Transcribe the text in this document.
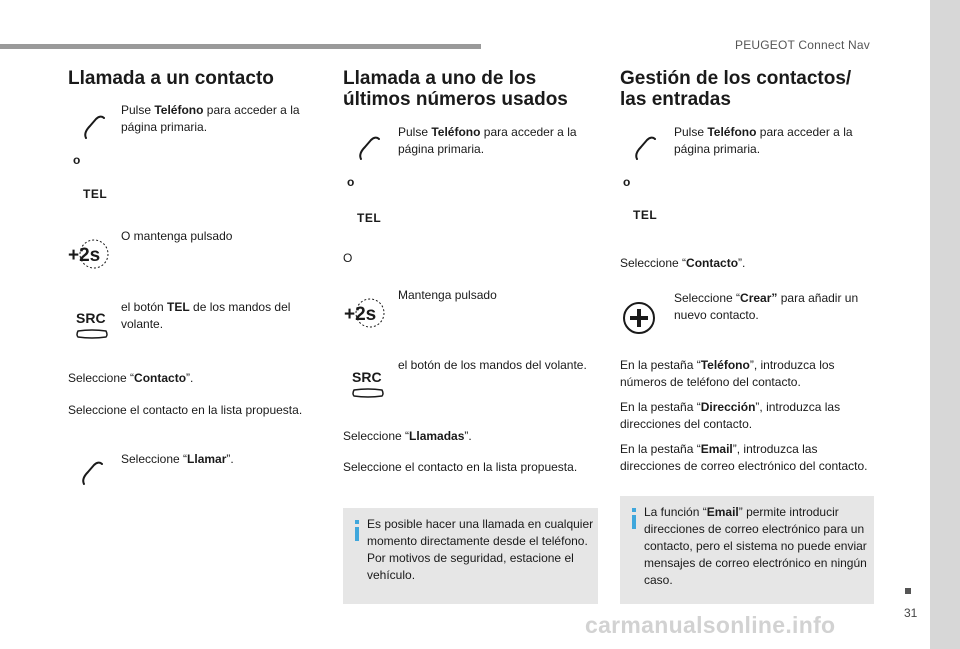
PEUGEOT Connect Nav
31
carmanualsonline.info
Llamada a un contacto
Pulse Teléfono para acceder a la página primaria.
o
TEL
+2s
O mantenga pulsado
SRC
el botón TEL de los mandos del volante.
Seleccione “Contacto”.
Seleccione el contacto en la lista propuesta.
Seleccione “Llamar”.
Llamada a uno de los
últimos números usados
Pulse Teléfono para acceder a la página primaria.
o
TEL
O
+2s
Mantenga pulsado
SRC
el botón de los mandos del volante.
Seleccione “Llamadas”.
Seleccione el contacto en la lista propuesta.
Es posible hacer una llamada en cualquier momento directamente desde el teléfono. Por motivos de seguridad, estacione el vehículo.
Gestión de los contactos/
las entradas
Pulse Teléfono para acceder a la página primaria.
o
TEL
Seleccione “Contacto”.
Seleccione “Crear” para añadir un nuevo contacto.
En la pestaña “Teléfono”, introduzca los números de teléfono del contacto.
En la pestaña “Dirección”, introduzca las direcciones del contacto.
En la pestaña “Email”, introduzca las direcciones de correo electrónico del contacto.
La función “Email” permite introducir direcciones de correo electrónico para un contacto, pero el sistema no puede enviar mensajes de correo electrónico en ningún caso.
